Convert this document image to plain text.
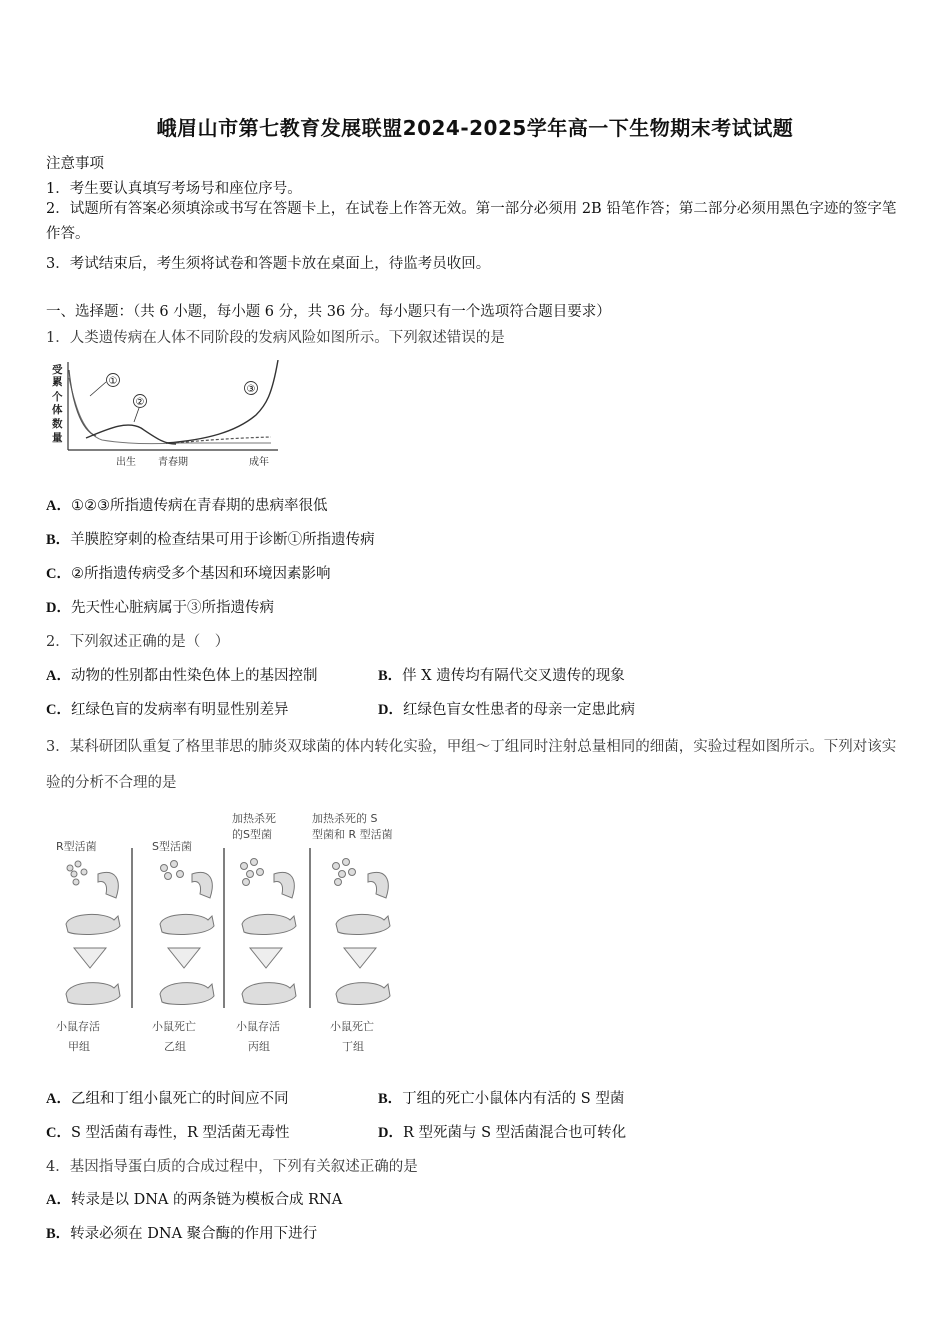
峨眉山市第七教育发展联盟2024-2025学年高一下生物期末考试试题
注意事项
1．考生要认真填写考场号和座位序号。
2．试题所有答案必须填涂或书写在答题卡上，在试卷上作答无效。第一部分必须用 2B 铅笔作答；第二部分必须用黑色字迹的签字笔作答。
3．考试结束后，考生须将试卷和答题卡放在桌面上，待监考员收回。
一、选择题：（共 6 小题，每小题 6 分，共 36 分。每小题只有一个选项符合题目要求）
1．人类遗传病在人体不同阶段的发病风险如图所示。下列叙述错误的是
受
累
个
体
数
量
①
②
③
出生 青春期	成年
A．①②③所指遗传病在青春期的患病率很低
B．羊膜腔穿刺的检查结果可用于诊断①所指遗传病
C．②所指遗传病受多个基因和环境因素影响
D．先天性心脏病属于③所指遗传病
2．下列叙述正确的是（　）
A．动物的性别都由性染色体上的基因控制	B．伴 X 遗传均有隔代交叉遗传的现象
C．红绿色盲的发病率有明显性别差异	D．红绿色盲女性患者的母亲一定患此病
3．某科研团队重复了格里菲思的肺炎双球菌的体内转化实验，甲组～丁组同时注射总量相同的细菌，实验过程如图所示。下列对该实验的分析不合理的是
R型活菌
小鼠存活
甲组
S型活菌
小鼠死亡
乙组
加热杀死
的S型菌
小鼠存活
丙组
加热杀死的 S
型菌和 R 型活菌
小鼠死亡
丁组
A．乙组和丁组小鼠死亡的时间应不同	B．丁组的死亡小鼠体内有活的 S 型菌
C．S 型活菌有毒性，R 型活菌无毒性	D．R 型死菌与 S 型活菌混合也可转化
4．基因指导蛋白质的合成过程中，下列有关叙述正确的是
A．转录是以 DNA 的两条链为模板合成 RNA
B．转录必须在 DNA 聚合酶的作用下进行
